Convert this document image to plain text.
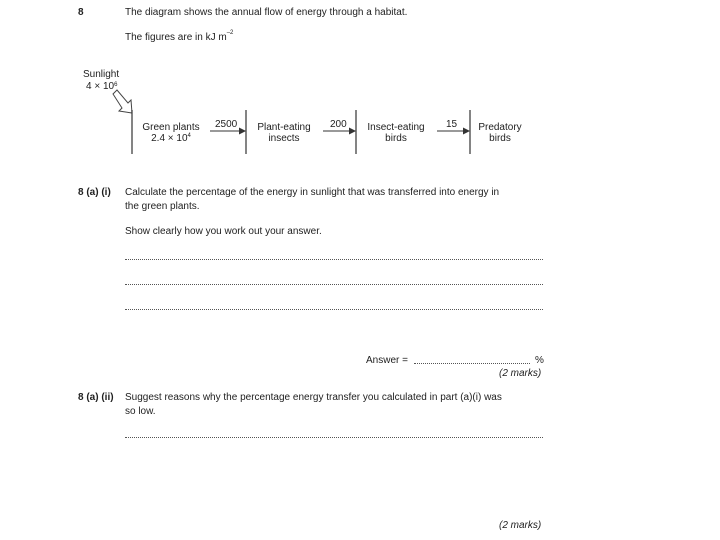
8	The diagram shows the annual flow of energy through a habitat.
The figures are in kJ $m^{-2}$
Sunlight
$4 \times 10^6$
2500	200	15
Green plants
$2.4 \times 10^4$
Plant-eating
insects
Insect-eating
birds
Predatory
birds
8 (a) (i) Calculate the percentage of the energy in sunlight that was transferred into energy in
the green plants.
Show clearly how you work out your answer.
Answer =	%
(2 marks)
8 (a) (ii) Suggest reasons why the percentage energy transfer you calculated in part (a)(i) was
so low.
(2 marks)
